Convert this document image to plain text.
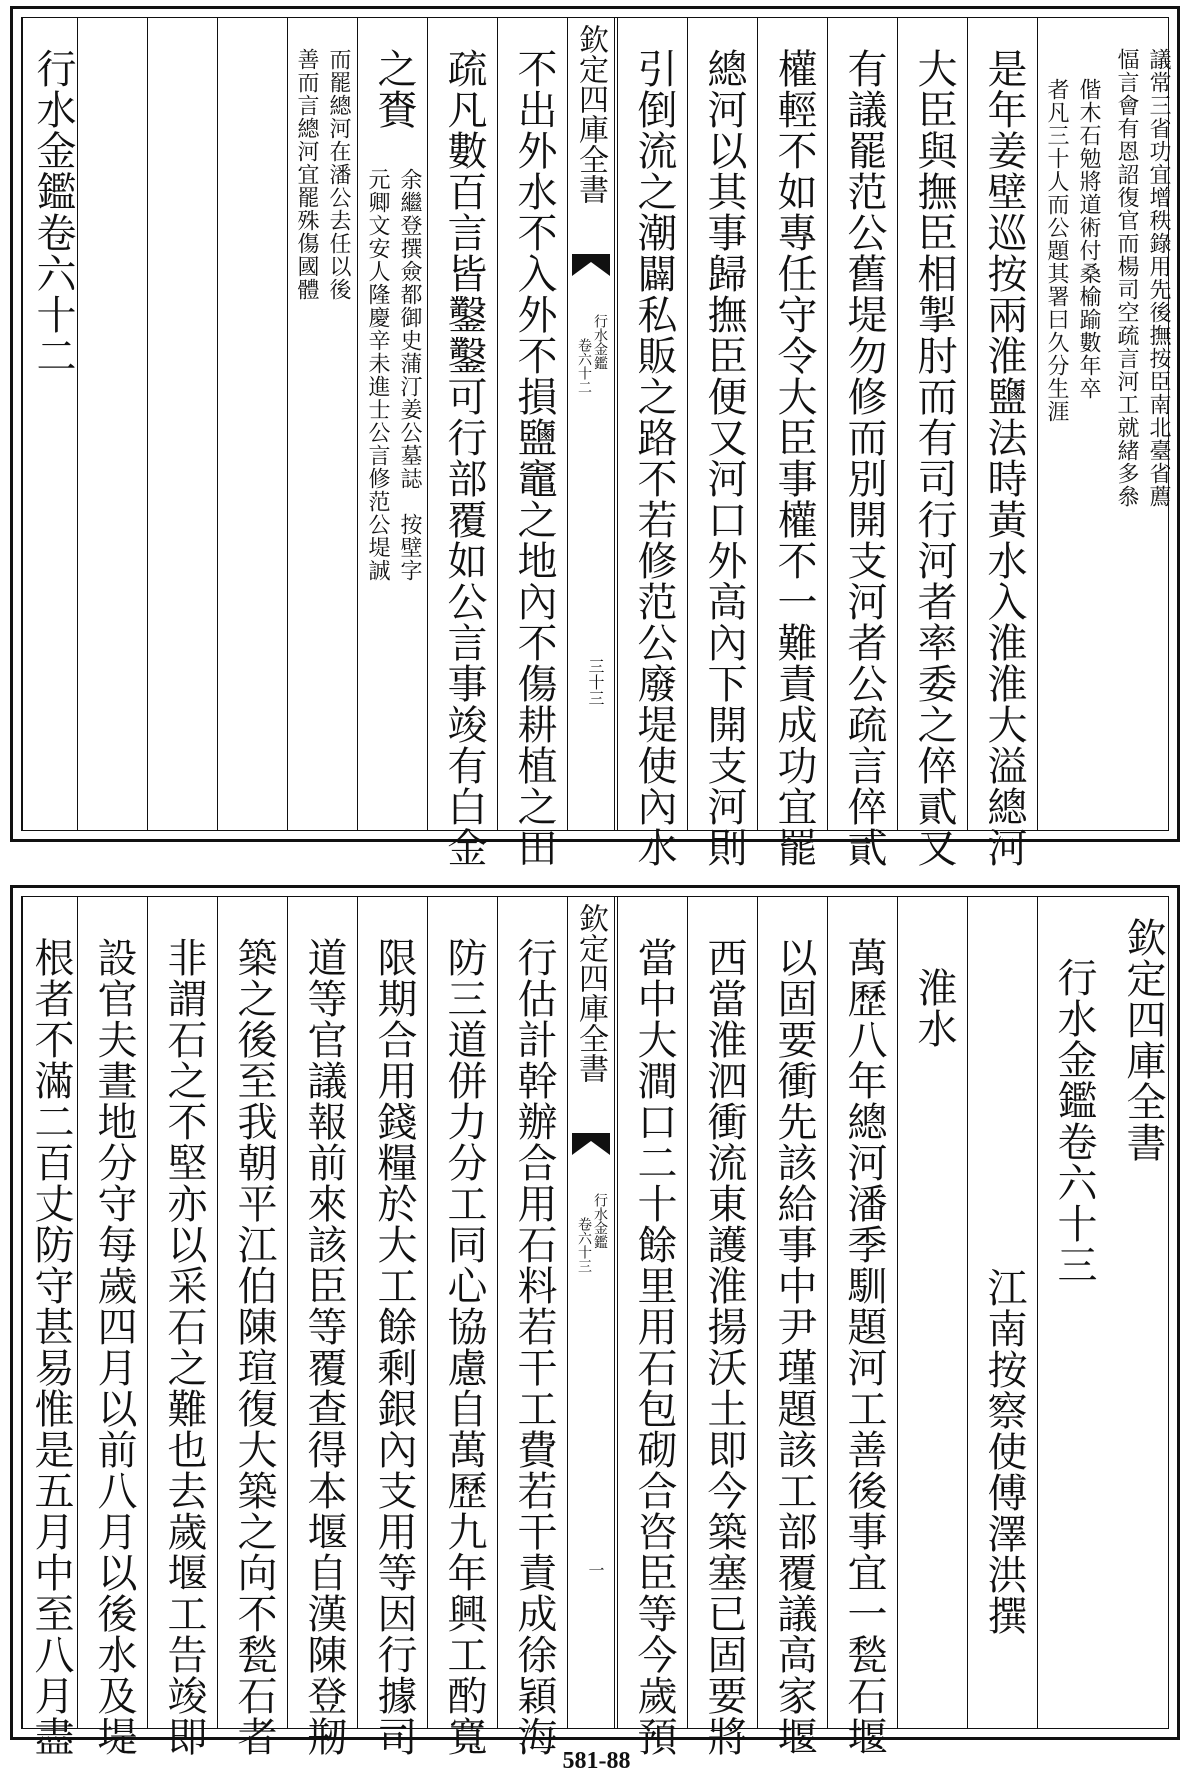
愊言會有恩詔復官而楊司空疏言河工就緒多叅 議常三省功宜增秩錄用先後撫按臣南北臺省薦
者凡三十人而公題其署曰久分生涯 偕木石勉將道術付桑榆踰數年卒
是年姜壁巡按兩淮鹽法時黃水入淮淮大溢總河
大臣與撫臣相掣肘而有司行河者率委之倅貳又
有議罷范公舊堤勿修而別開支河者公疏言倅貳
權輕不如專任守令大臣事權不一難責成功宜罷
總河以其事歸撫臣便又河口外高內下開支河則
引倒流之潮闢私販之路不若修范公廢堤使內水
欽定四庫全書
行水金鑑
卷六十二
三十三
不出外水不入外不損鹽竈之地內不傷耕植之田
疏凡數百言皆鑿鑿可行部覆如公言事竣有白金
之賚
余繼登撰僉都御史蒲汀姜公墓誌　按壁字
元卿文安人隆慶辛未進士公言修范公堤誠
善而言總河宜罷殊傷國體 而罷總河在潘公去任以後
行水金鑑卷六十二
欽定四庫全書
行水金鑑卷六十三
江南按察使傅澤洪撰
淮水
萬歷八年總河潘季馴題河工善後事宜一甃石堰
以固要衝先該給事中尹瑾題該工部覆議高家堰
西當淮泗衝流東護淮揚沃土即今築塞已固要將
當中大澗口二十餘里用石包砌合咨臣等今歲預
欽定四庫全書
行水金鑑
卷六十三
一
行估計幹辦合用石料若干工費若干責成徐穎海
防三道併力分工同心協慮自萬歷九年興工酌寬
限期合用錢糧於大工餘剩銀內支用等因行據司
道等官議報前來該臣等覆查得本堰自漢陳登剏
築之後至我朝平江伯陳瑄復大築之向不甃石者
非謂石之不堅亦以采石之難也去歲堰工告竣即
設官夫晝地分守每歲四月以前八月以後水及堤
根者不滿二百丈防守甚易惟是五月中至八月盡
581-88
